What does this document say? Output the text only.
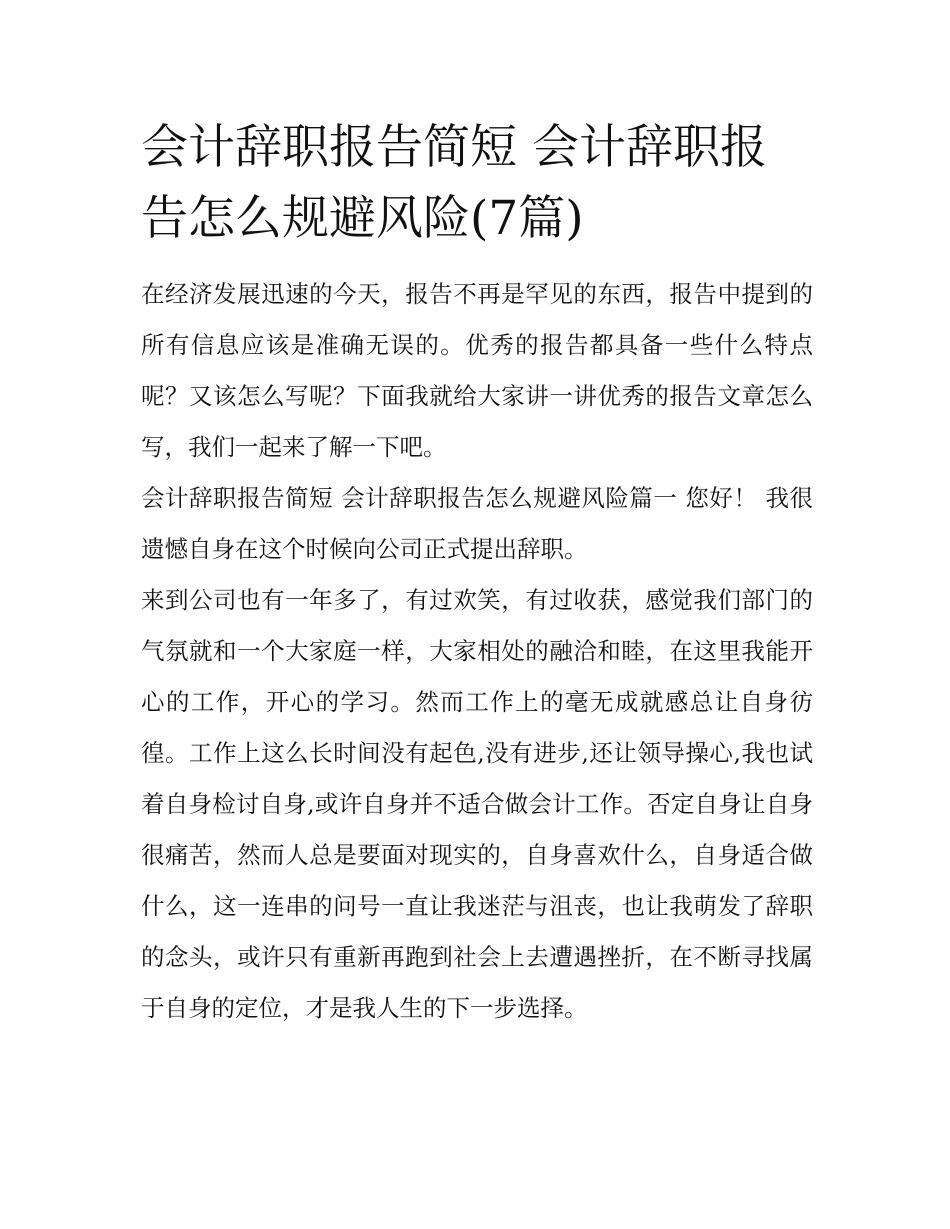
会计辞职报告简短 会计辞职报告怎么规避风险(7篇)

在经济发展迅速的今天，报告不再是罕见的东西，报告中提到的所有信息应该是准确无误的。优秀的报告都具备一些什么特点呢？又该怎么写呢？下面我就给大家讲一讲优秀的报告文章怎么写，我们一起来了解一下吧。

会计辞职报告简短 会计辞职报告怎么规避风险篇一 您好！ 我很遗憾自身在这个时候向公司正式提出辞职。

来到公司也有一年多了，有过欢笑，有过收获，感觉我们部门的气氛就和一个大家庭一样，大家相处的融洽和睦，在这里我能开心的工作，开心的学习。然而工作上的毫无成就感总让自身彷徨。工作上这么长时间没有起色,没有进步,还让领导操心,我也试着自身检讨自身,或许自身并不适合做会计工作。否定自身让自身很痛苦，然而人总是要面对现实的，自身喜欢什么，自身适合做什么，这一连串的问号一直让我迷茫与沮丧，也让我萌发了辞职的念头，或许只有重新再跑到社会上去遭遇挫折，在不断寻找属于自身的定位，才是我人生的下一步选择。
